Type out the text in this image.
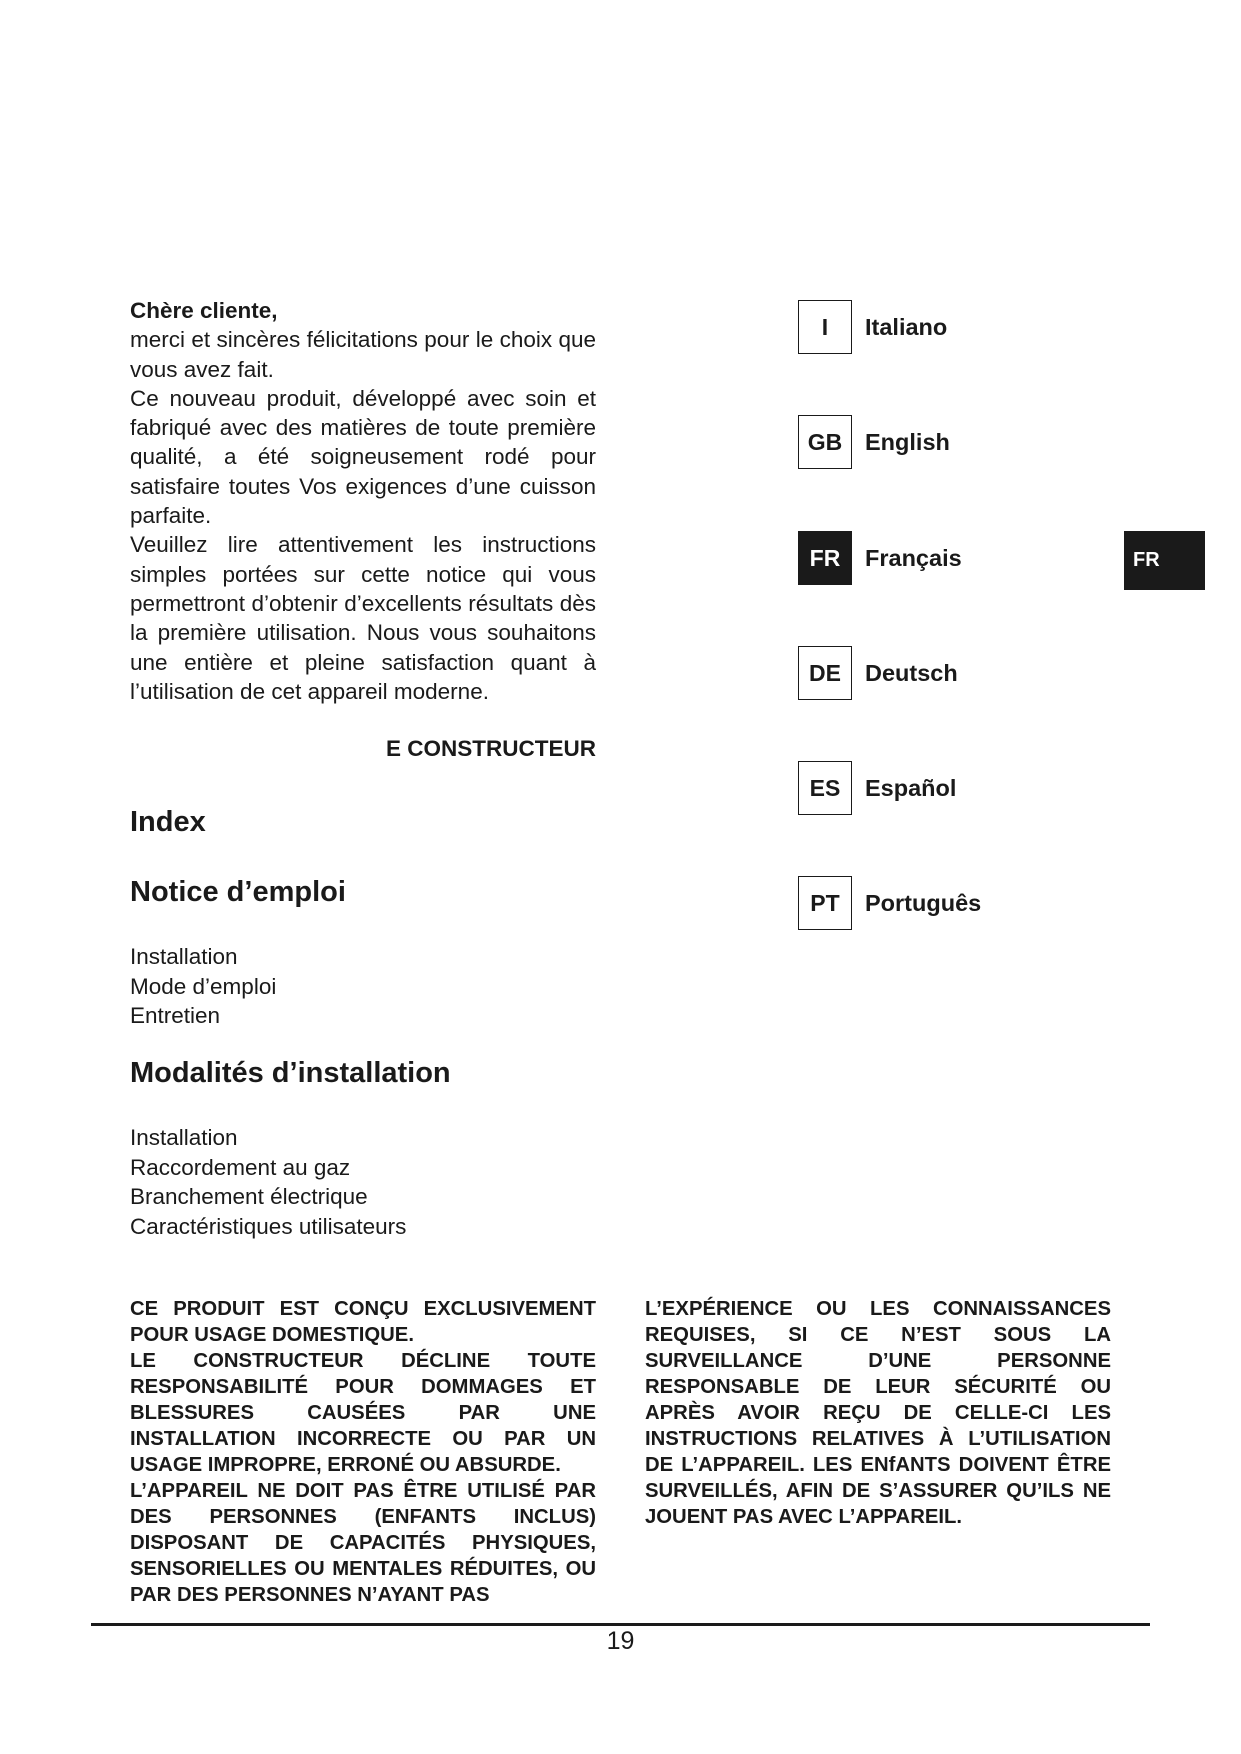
Chère cliente,

merci et sincères félicitations pour le choix que vous avez fait.

Ce nouveau produit, développé avec soin et fabriqué avec des matières de toute première qualité, a été soigneusement rodé pour satisfaire toutes Vos exigences d’une cuisson parfaite.

Veuillez lire attentivement les instructions simples portées sur cette notice qui vous permettront d’obtenir d’excellents résultats dès la première utilisation. Nous vous souhaitons une entière et pleine satisfaction quant à l’utilisation de cet appareil moderne.

E CONSTRUCTEUR
Index
Notice d’emploi
Installation
Mode d’emploi
Entretien
Modalités d’installation
Installation
Raccordement au gaz
Branchement électrique
Caractéristiques utilisateurs
I	Italiano
GB English
FR	Français
DE	Deutsch
ES	Español
PT	Português
FR

CE PRODUIT EST CONÇU EXCLUSIVEMENT POUR USAGE DOMESTIQUE.

LE CONSTRUCTEUR DÉCLINE TOUTE RESPONSABILITÉ POUR DOMMAGES ET BLESSURES CAUSÉES PAR UNE INSTALLATION INCORRECTE OU PAR UN USAGE IMPROPRE, ERRONÉ OU ABSURDE.

L’APPAREIL NE DOIT PAS ÊTRE UTILISÉ PAR DES PERSONNES (ENFANTS INCLUS) DISPOSANT DE CAPACITÉS PHYSIQUES, SENSORIELLES OU MENTALES RÉDUITES, OU PAR DES PERSONNES N’AYANT PAS

L’EXPÉRIENCE OU LES CONNAISSANCES REQUISES, SI CE N’EST SOUS LA SURVEILLANCE D’UNE PERSONNE RESPONSABLE DE LEUR SÉCURITÉ OU APRÈS AVOIR REÇU DE CELLE-CI LES INSTRUCTIONS RELATIVES À L’UTILISATION DE L’APPAREIL. LES ENfANTS DOIVENT ÊTRE SURVEILLÉS, AFIN DE S’ASSURER QU’ILS NE JOUENT PAS AVEC L’APPAREIL.

19
